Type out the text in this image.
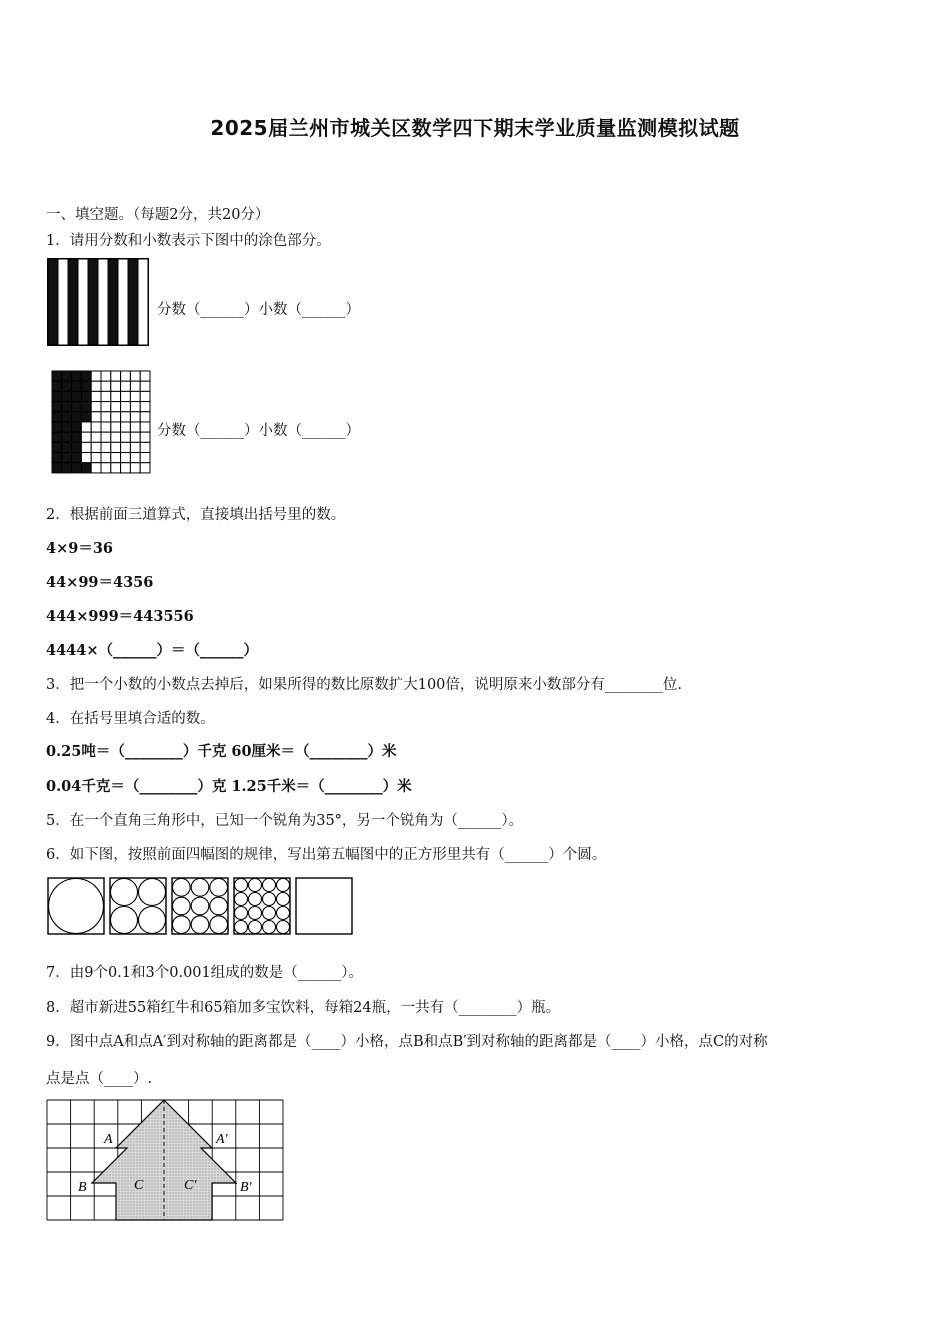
2025届兰州市城关区数学四下期末学业质量监测模拟试题
一、填空题。（每题2分，共20分）
1．请用分数和小数表示下图中的涂色部分。
分数（______）小数（______）
分数（______）小数（______）
2．根据前面三道算式，直接填出括号里的数。
4×9＝36
44×99＝4356
444×999＝443556
4444×（______）＝（______）
3．把一个小数的小数点去掉后，如果所得的数比原数扩大100倍，说明原来小数部分有________位.
4．在括号里填合适的数。
0.25吨＝（________）千克 60厘米＝（________）米
0.04千克＝（________）克 1.25千米＝（________）米
5．在一个直角三角形中，已知一个锐角为35°，另一个锐角为（______）。
6．如下图，按照前面四幅图的规律，写出第五幅图中的正方形里共有（______）个圆。
7．由9个0.1和3个0.001组成的数是（______）。
8．超市新进55箱红牛和65箱加多宝饮料，每箱24瓶，一共有（________）瓶。
9．图中点A和点A′到对称轴的距离都是（____）小格，点B和点B′到对称轴的距离都是（____）小格，点C的对称
点是点（____）.
A	A′
B	B′
C	C′
